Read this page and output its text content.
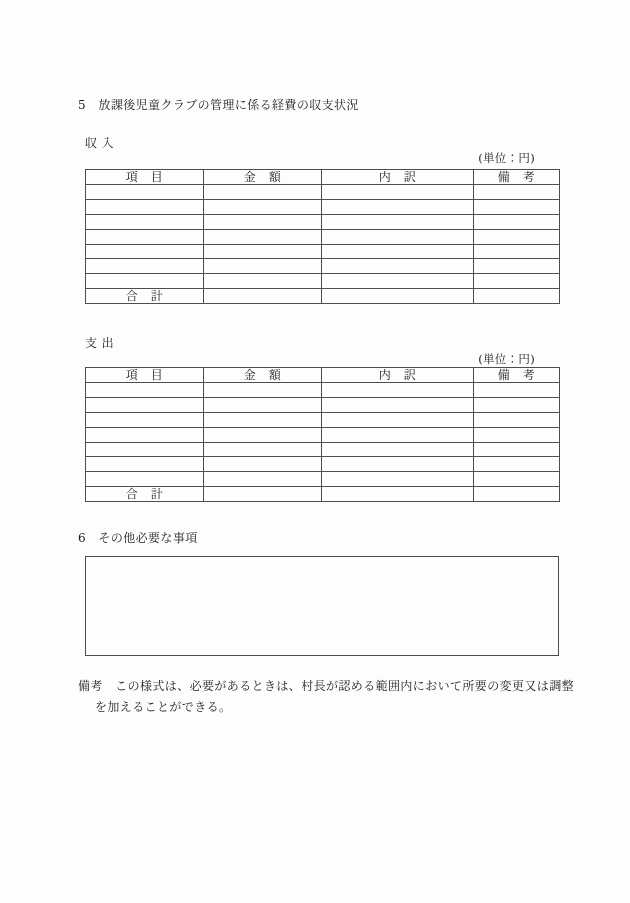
5　放課後児童クラブの管理に係る経費の収支状況
収 入
(単位：円)
項　目	金　額	内　訳	備　考

合　計			
支 出
(単位：円)
項　目	金　額	内　訳	備　考

合　計			
6　その他必要な事項
備考　この様式は、必要があるときは、村長が認める範囲内において所要の変更又は調整
を加えることができる。
